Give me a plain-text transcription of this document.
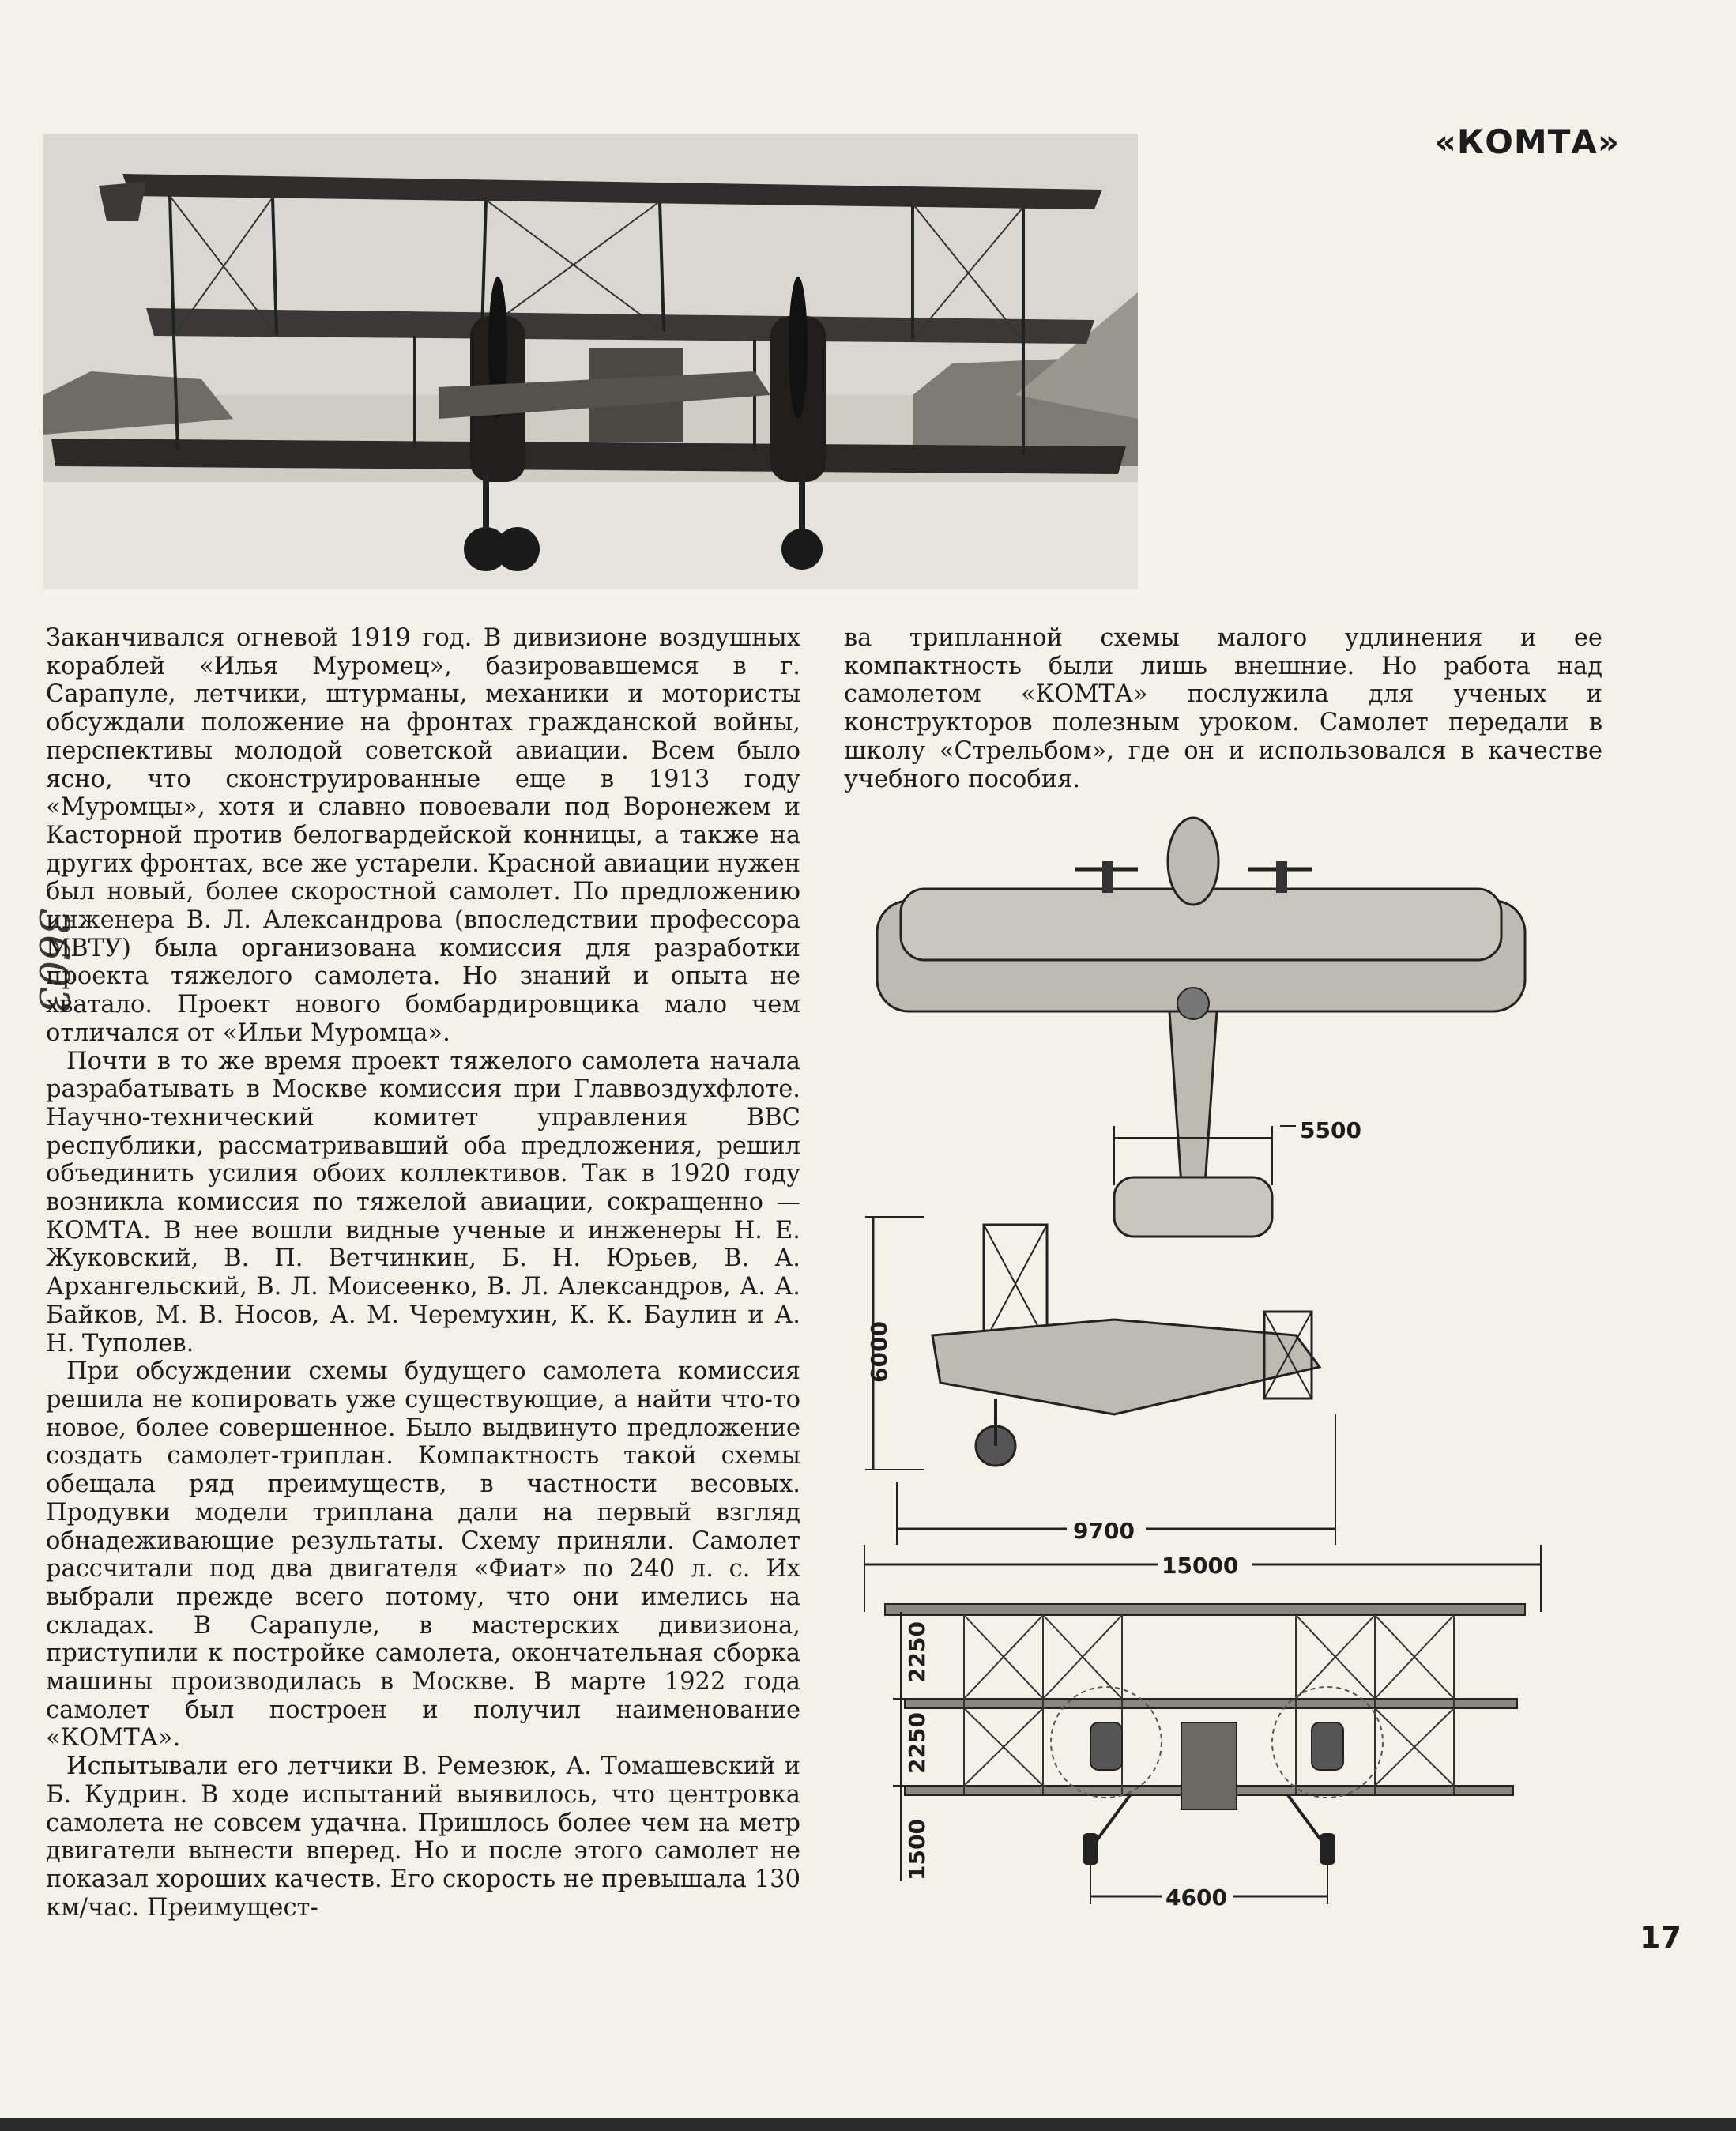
«КОМТА»
3603

Заканчивался огневой 1919 год. В дивизионе воздушных кораблей «Илья Муромец», базировавшемся в г. Сарапуле, летчики, штурманы, механики и мотористы обсуждали положение на фронтах гражданской войны, перспективы молодой советской авиации. Всем было ясно, что сконструированные еще в 1913 году «Муромцы», хотя и славно повоевали под Воронежем и Касторной против белогвардейской конницы, а также на других фронтах, все же устарели. Красной авиации нужен был новый, более скоростной самолет. По предложению инженера В. Л. Александрова (впоследствии профессора МВТУ) была организована комиссия для разработки проекта тяжелого самолета. Но знаний и опыта не хватало. Проект нового бомбардировщика мало чем отличался от «Ильи Муромца».

Почти в то же время проект тяжелого самолета начала разрабатывать в Москве комиссия при Главвоздухфлоте. Научно-технический комитет управления ВВС республики, рассматривавший оба предложения, решил объединить усилия обоих коллективов. Так в 1920 году возникла комиссия по тяжелой авиации, сокращенно — КОМТА. В нее вошли видные ученые и инженеры Н. Е. Жуковский, В. П. Ветчинкин, Б. Н. Юрьев, В. А. Архангельский, В. Л. Моисеенко, В. Л. Александров, А. А. Байков, М. В. Носов, А. М. Черемухин, К. К. Баулин и А. Н. Туполев.

При обсуждении схемы будущего самолета комиссия решила не копировать уже существующие, а найти что-то новое, более совершенное. Было выдвинуто предложение создать самолет-триплан. Компактность такой схемы обещала ряд преимуществ, в частности весовых. Продувки модели триплана дали на первый взгляд обнадеживающие результаты. Схему приняли. Самолет рассчитали под два двигателя «Фиат» по 240 л. с. Их выбрали прежде всего потому, что они имелись на складах. В Сарапуле, в мастерских дивизиона, приступили к постройке самолета, окончательная сборка машины производилась в Москве. В марте 1922 года самолет был построен и получил наименование «КОМТА».

Испытывали его летчики В. Ремезюк, А. Томашевский и Б. Кудрин. В ходе испытаний выявилось, что центровка самолета не совсем удачна. Пришлось более чем на метр двигатели вынести вперед. Но и после этого самолет не показал хороших качеств. Его скорость не превышала 130 км/час. Преимущест-

ва трипланной схемы малого удлинения и ее компактность были лишь внешние. Но работа над самолетом «КОМТА» послужила для ученых и конструкторов полезным уроком. Самолет передали в школу «Стрельбом», где он и использовался в качестве учебного пособия.

5500
6000
9700
15000
2250
2250
1500
4600
17
